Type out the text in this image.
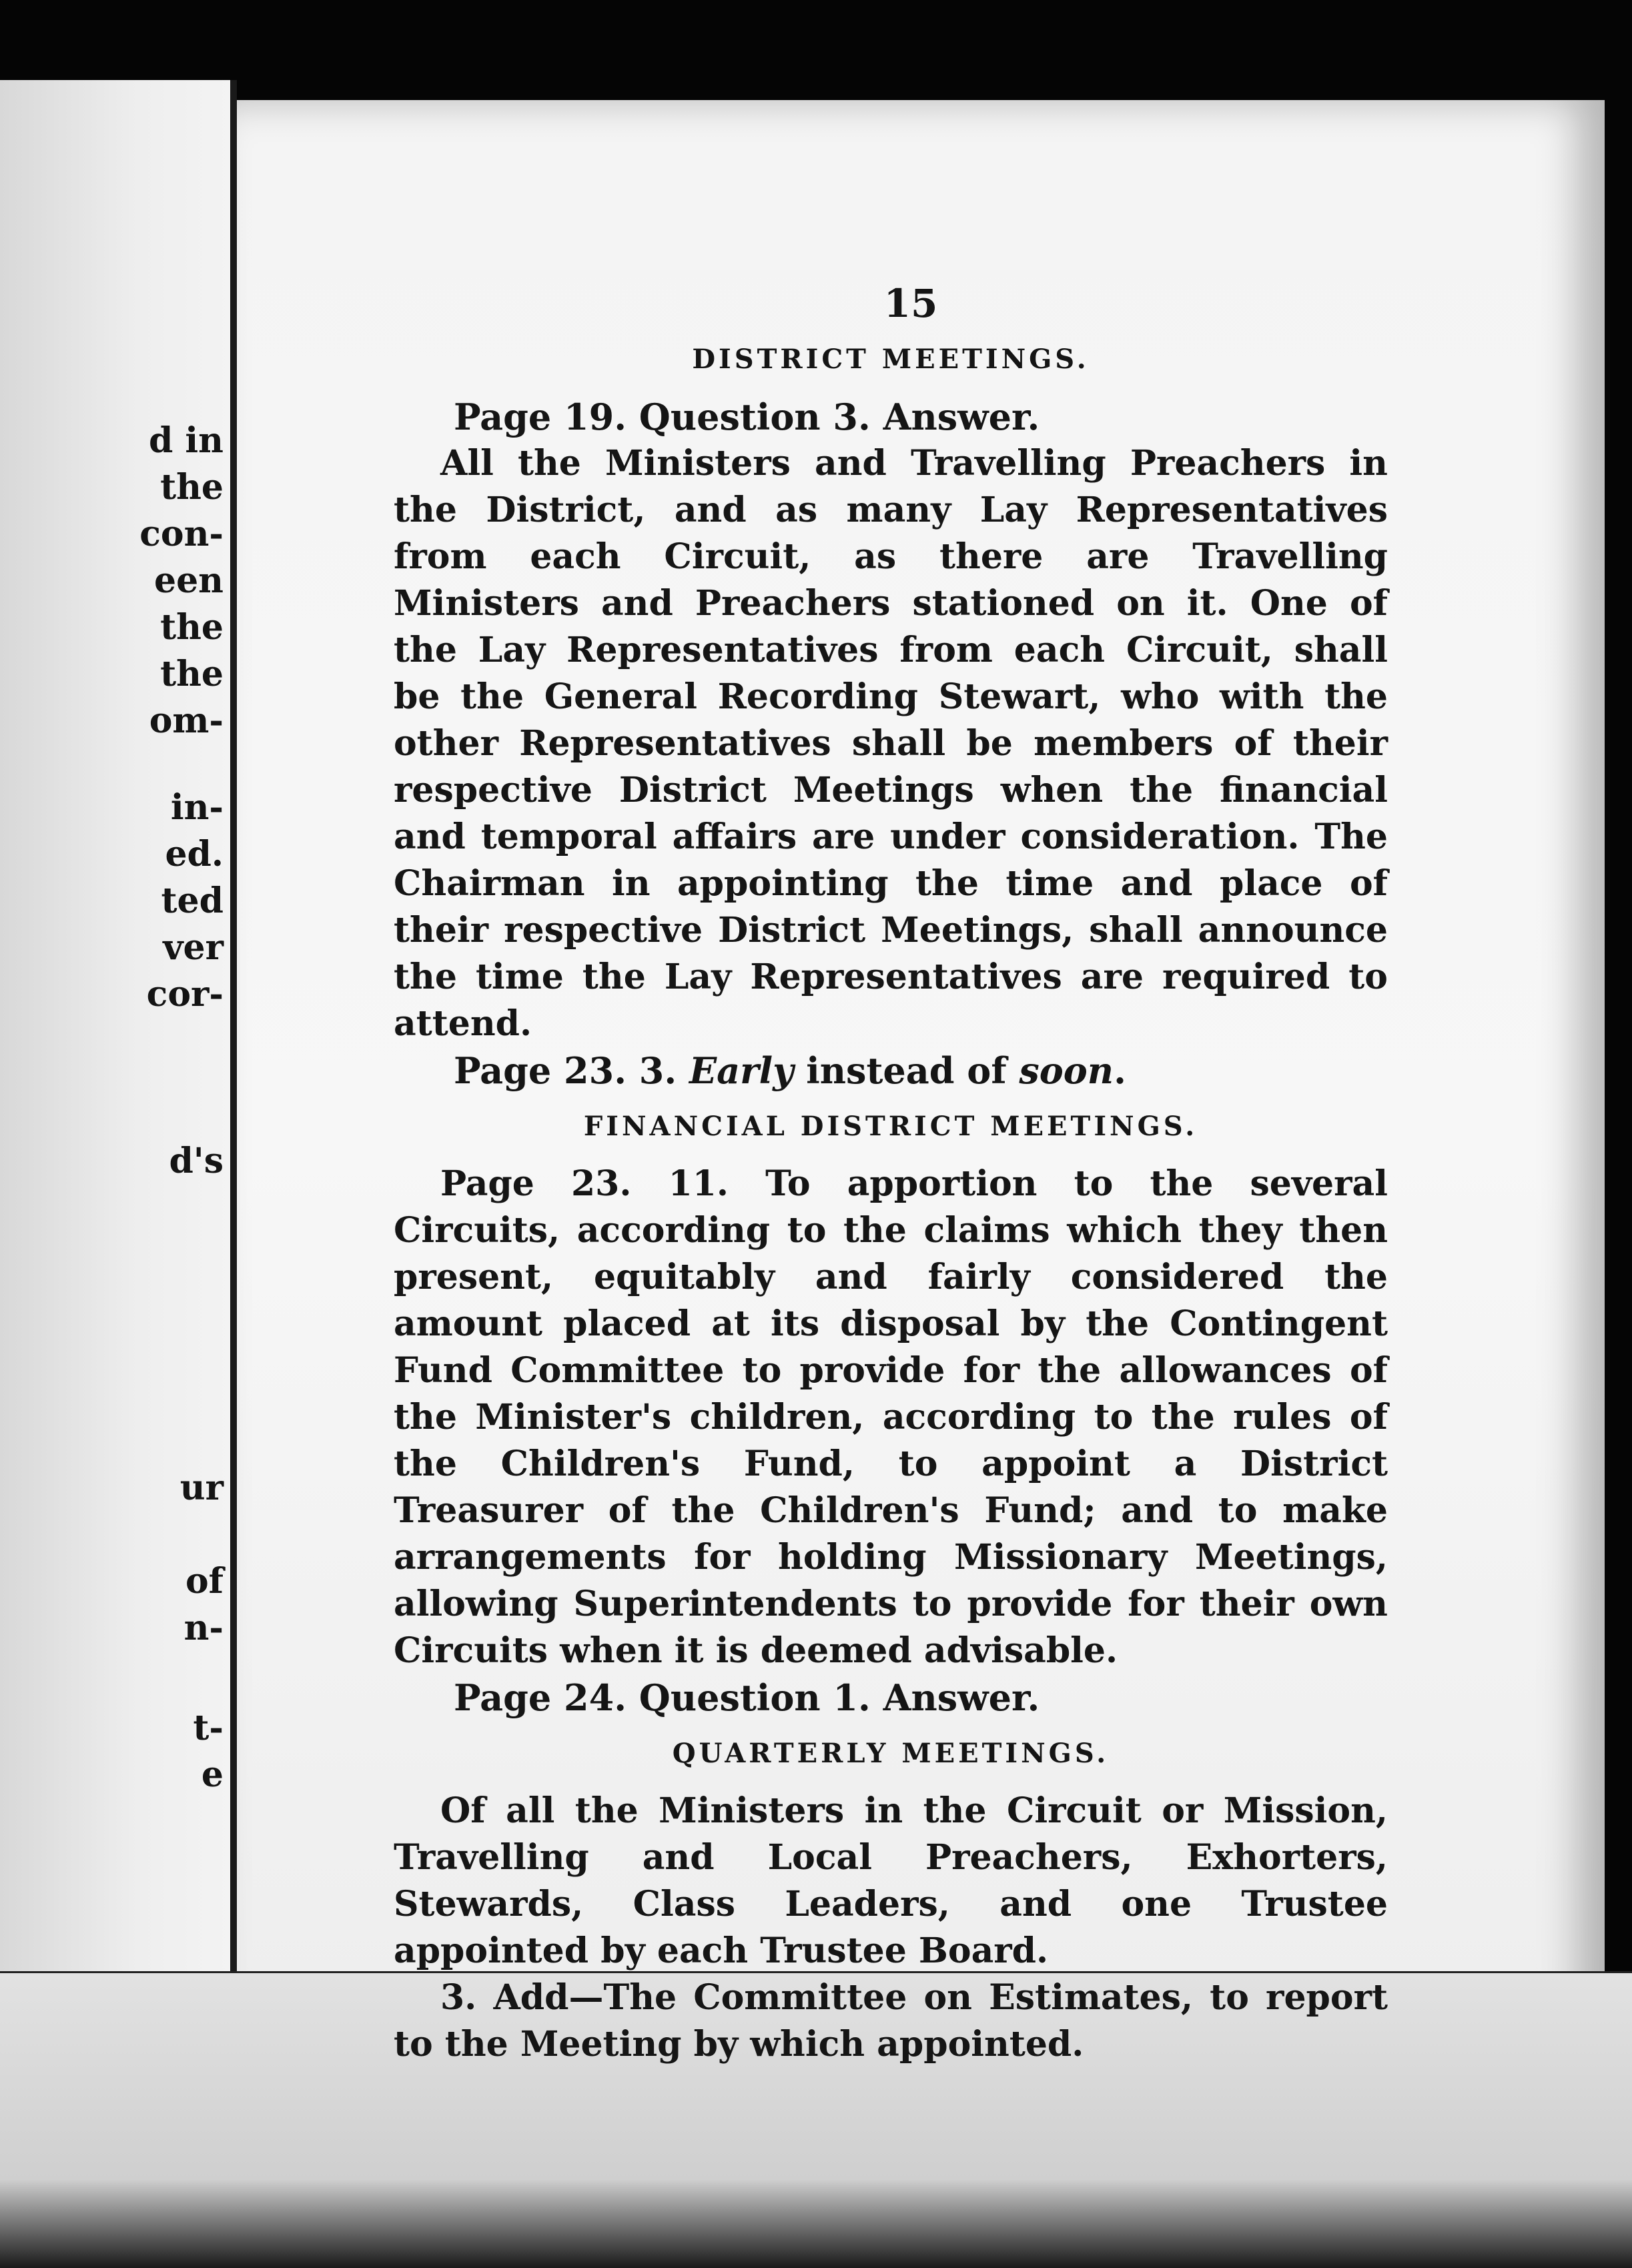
d in
the
con-
een
the
the
om-
in-
ed.
ted
ver
cor-
d's
ur
of
n-
t-
e
15
DISTRICT MEETINGS.

Page 19. Question 3. Answer.

All the Ministers and Travelling Preachers in the District, and as many Lay Representatives from each Circuit, as there are Travelling Ministers and Preachers stationed on it. One of the Lay Representatives from each Circuit, shall be the General Recording Stewart, who with the other Representatives shall be members of their respective District Meetings when the financial and temporal affairs are under consideration. The Chairman in appointing the time and place of their respective District Meetings, shall announce the time the Lay Representatives are required to attend.

Page 23. 3. Early instead of soon.

FINANCIAL DISTRICT MEETINGS.

Page 23. 11. To apportion to the several Circuits, according to the claims which they then present, equitably and fairly considered the amount placed at its disposal by the Contingent Fund Committee to provide for the allowances of the Minister's children, according to the rules of the Children's Fund, to appoint a District Treasurer of the Children's Fund; and to make arrangements for holding Missionary Meetings, allowing Superintendents to provide for their own Circuits when it is deemed advisable.

Page 24. Question 1. Answer.

QUARTERLY MEETINGS.

Of all the Ministers in the Circuit or Mission, Travelling and Local Preachers, Exhorters, Stewards, Class Leaders, and one Trustee appointed by each Trustee Board.

3. Add—The Committee on Estimates, to report to the Meeting by which appointed.
